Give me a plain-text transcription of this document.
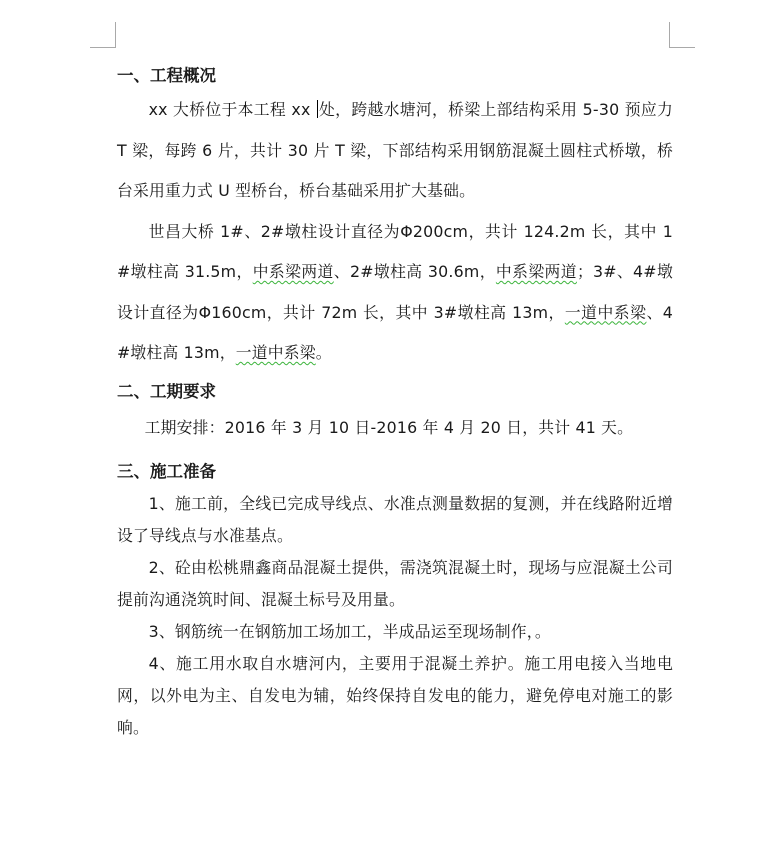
一、工程概况

xx 大桥位于本工程 xx 处，跨越水塘河，桥梁上部结构采用 5-30 预应力 T 梁，每跨 6 片，共计 30 片 T 梁，下部结构采用钢筋混凝土圆柱式桥墩，桥台采用重力式 U 型桥台，桥台基础采用扩大基础。

世昌大桥 1#、2#墩柱设计直径为Φ200cm，共计 124.2m 长，其中 1#墩柱高 31.5m，中系梁两道、2#墩柱高 30.6m，中系梁两道；3#、4#墩设计直径为Φ160cm，共计 72m 长，其中 3#墩柱高 13m，一道中系梁、4#墩柱高 13m，一道中系梁。

二、工期要求

工期安排：2016 年 3 月 10 日-2016 年 4 月 20 日，共计 41 天。

三、施工准备

1、施工前，全线已完成导线点、水准点测量数据的复测，并在线路附近增设了导线点与水准基点。

2、砼由松桃鼎鑫商品混凝土提供，需浇筑混凝土时，现场与应混凝土公司提前沟通浇筑时间、混凝土标号及用量。

3、钢筋统一在钢筋加工场加工，半成品运至现场制作，。

4、施工用水取自水塘河内，主要用于混凝土养护。施工用电接入当地电网，以外电为主、自发电为辅，始终保持自发电的能力，避免停电对施工的影响。
